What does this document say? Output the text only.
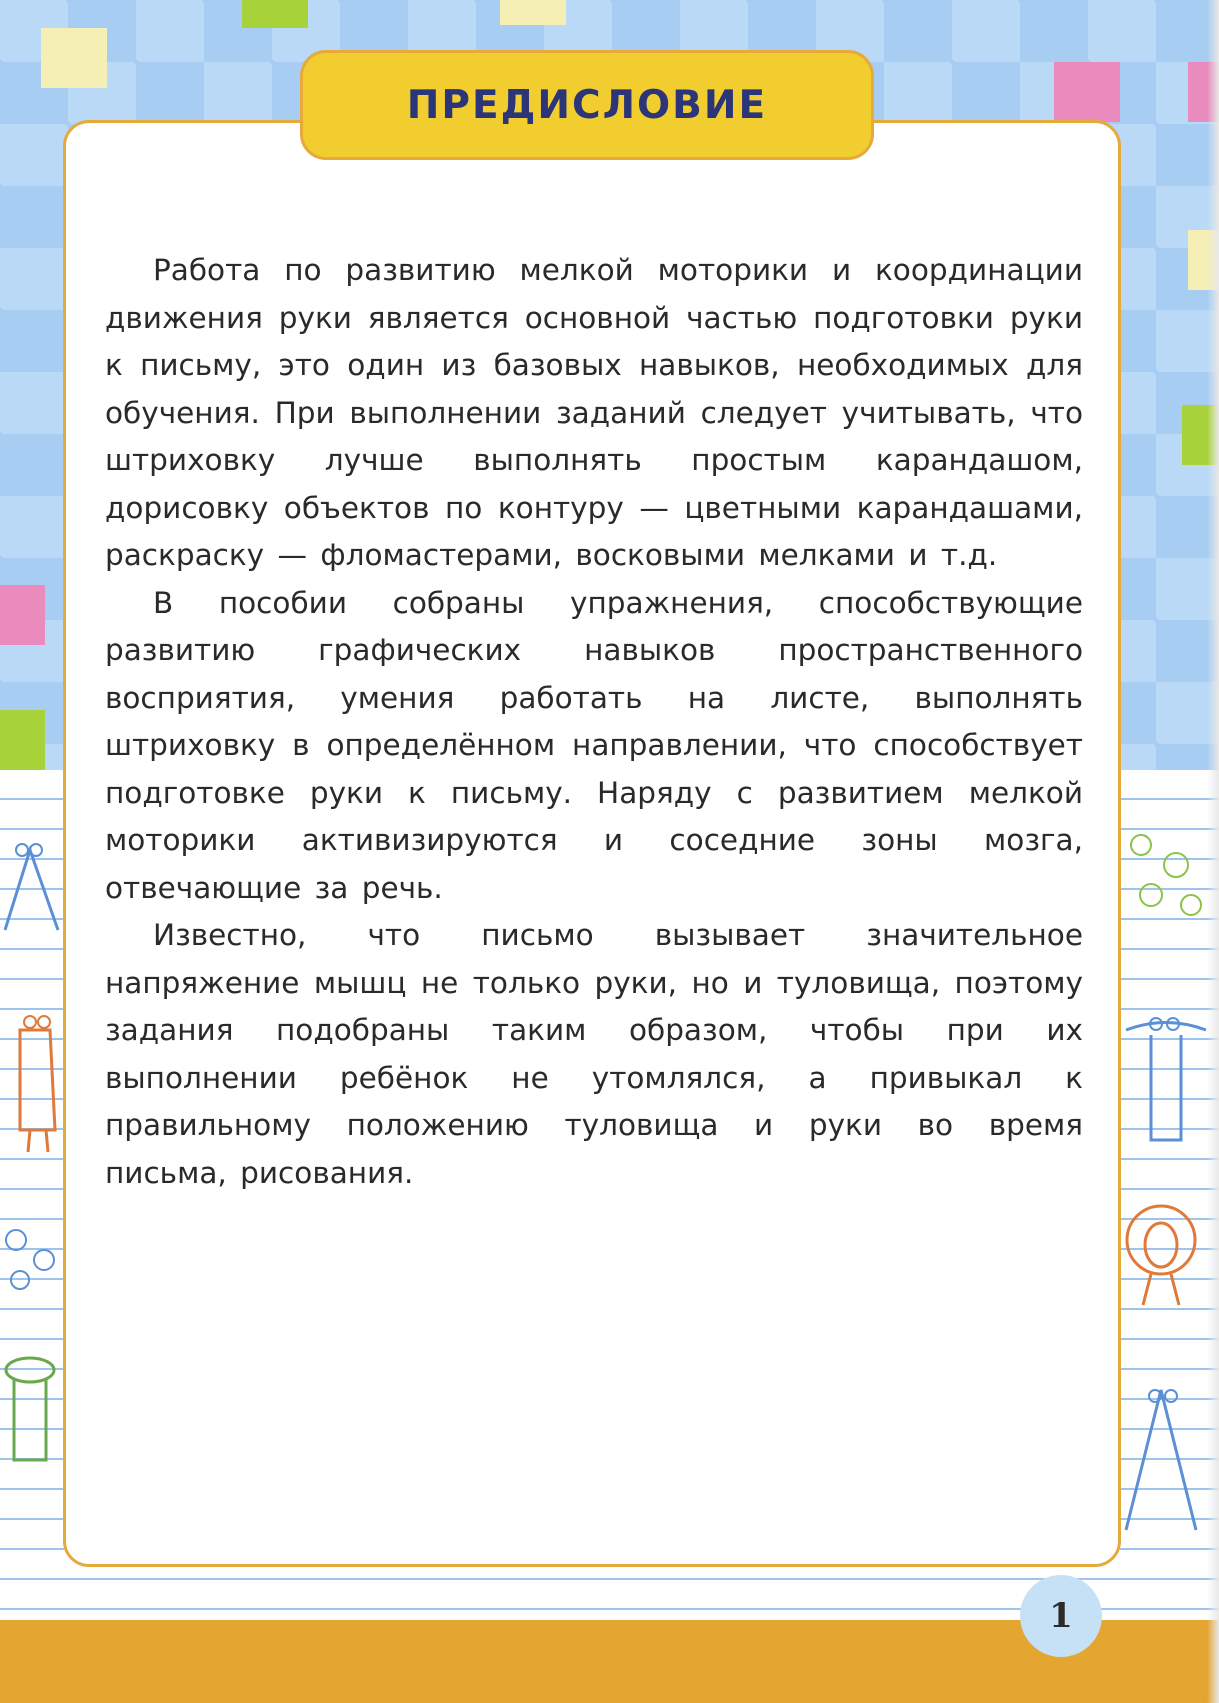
ПРЕДИСЛОВИЕ

Работа по развитию мелкой моторики и координации движения руки является основной частью подготовки руки к письму, это один из базовых навыков, необходимых для обучения. При выполнении заданий следует учитывать, что штриховку лучше выполнять простым карандашом, дорисовку объектов по контуру — цветными карандашами, раскраску — фломастерами, восковыми мелками и т.д.

В пособии собраны упражнения, способствующие развитию графических навыков пространственного восприятия, умения работать на листе, выполнять штриховку в определённом направлении, что способствует подготовке руки к письму. Наряду с развитием мелкой моторики активизируются и соседние зоны мозга, отвечающие за речь.

Известно, что письмо вызывает значительное напряжение мышц не только руки, но и туловища, поэтому задания подобраны таким образом, чтобы при их выполнении ребёнок не утомлялся, а привыкал к правильному положению туловища и руки во время письма, рисования.

1
